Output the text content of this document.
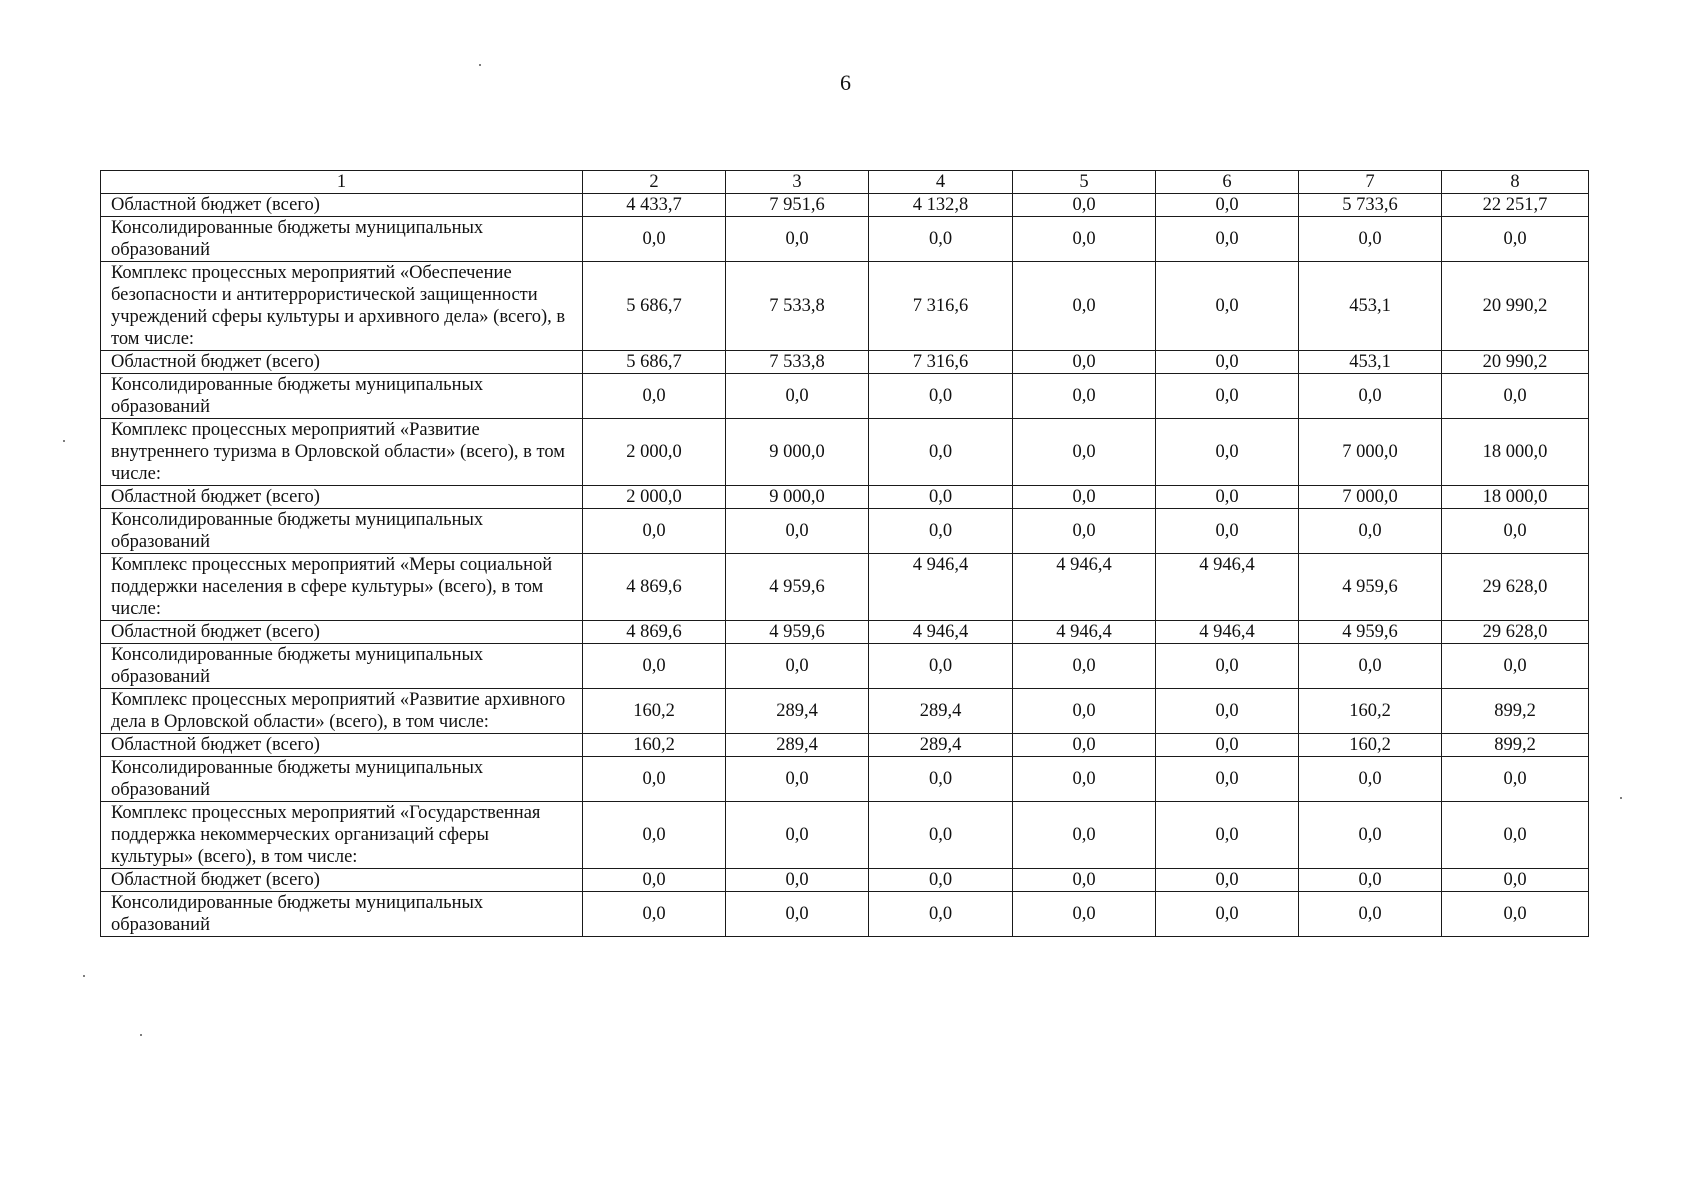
6
1	2	3	4	5	6	7	8
Областной бюджет (всего)	4 433,7	7 951,6	4 132,8	0,0	0,0	5 733,6	22 251,7
Консолидированные бюджеты муниципальных образований	0,0	0,0	0,0	0,0	0,0	0,0	0,0
Комплекс процессных мероприятий «Обеспечение безопасности и антитеррористической защищенности учреждений сферы культуры и архивного дела» (всего), в том числе:	5 686,7	7 533,8	7 316,6	0,0	0,0	453,1	20 990,2
Областной бюджет (всего)	5 686,7	7 533,8	7 316,6	0,0	0,0	453,1	20 990,2
Консолидированные бюджеты муниципальных образований	0,0	0,0	0,0	0,0	0,0	0,0	0,0
Комплекс процессных мероприятий «Развитие внутреннего туризма в Орловской области» (всего), в том числе:	2 000,0	9 000,0	0,0	0,0	0,0	7 000,0	18 000,0
Областной бюджет (всего)	2 000,0	9 000,0	0,0	0,0	0,0	7 000,0	18 000,0
Консолидированные бюджеты муниципальных образований	0,0	0,0	0,0	0,0	0,0	0,0	0,0
Комплекс процессных мероприятий «Меры социальной поддержки населения в сфере культуры» (всего), в том числе:	4 869,6	4 959,6	4 946,4	4 946,4	4 946,4	4 959,6	29 628,0
Областной бюджет (всего)	4 869,6	4 959,6	4 946,4	4 946,4	4 946,4	4 959,6	29 628,0
Консолидированные бюджеты муниципальных образований	0,0	0,0	0,0	0,0	0,0	0,0	0,0
Комплекс процессных мероприятий «Развитие архивного дела в Орловской области» (всего), в том числе:	160,2	289,4	289,4	0,0	0,0	160,2	899,2
Областной бюджет (всего)	160,2	289,4	289,4	0,0	0,0	160,2	899,2
Консолидированные бюджеты муниципальных образований	0,0	0,0	0,0	0,0	0,0	0,0	0,0
Комплекс процессных мероприятий «Государственная поддержка некоммерческих организаций сферы культуры» (всего), в том числе:	0,0	0,0	0,0	0,0	0,0	0,0	0,0
Областной бюджет (всего)	0,0	0,0	0,0	0,0	0,0	0,0	0,0
Консолидированные бюджеты муниципальных образований	0,0	0,0	0,0	0,0	0,0	0,0	0,0
